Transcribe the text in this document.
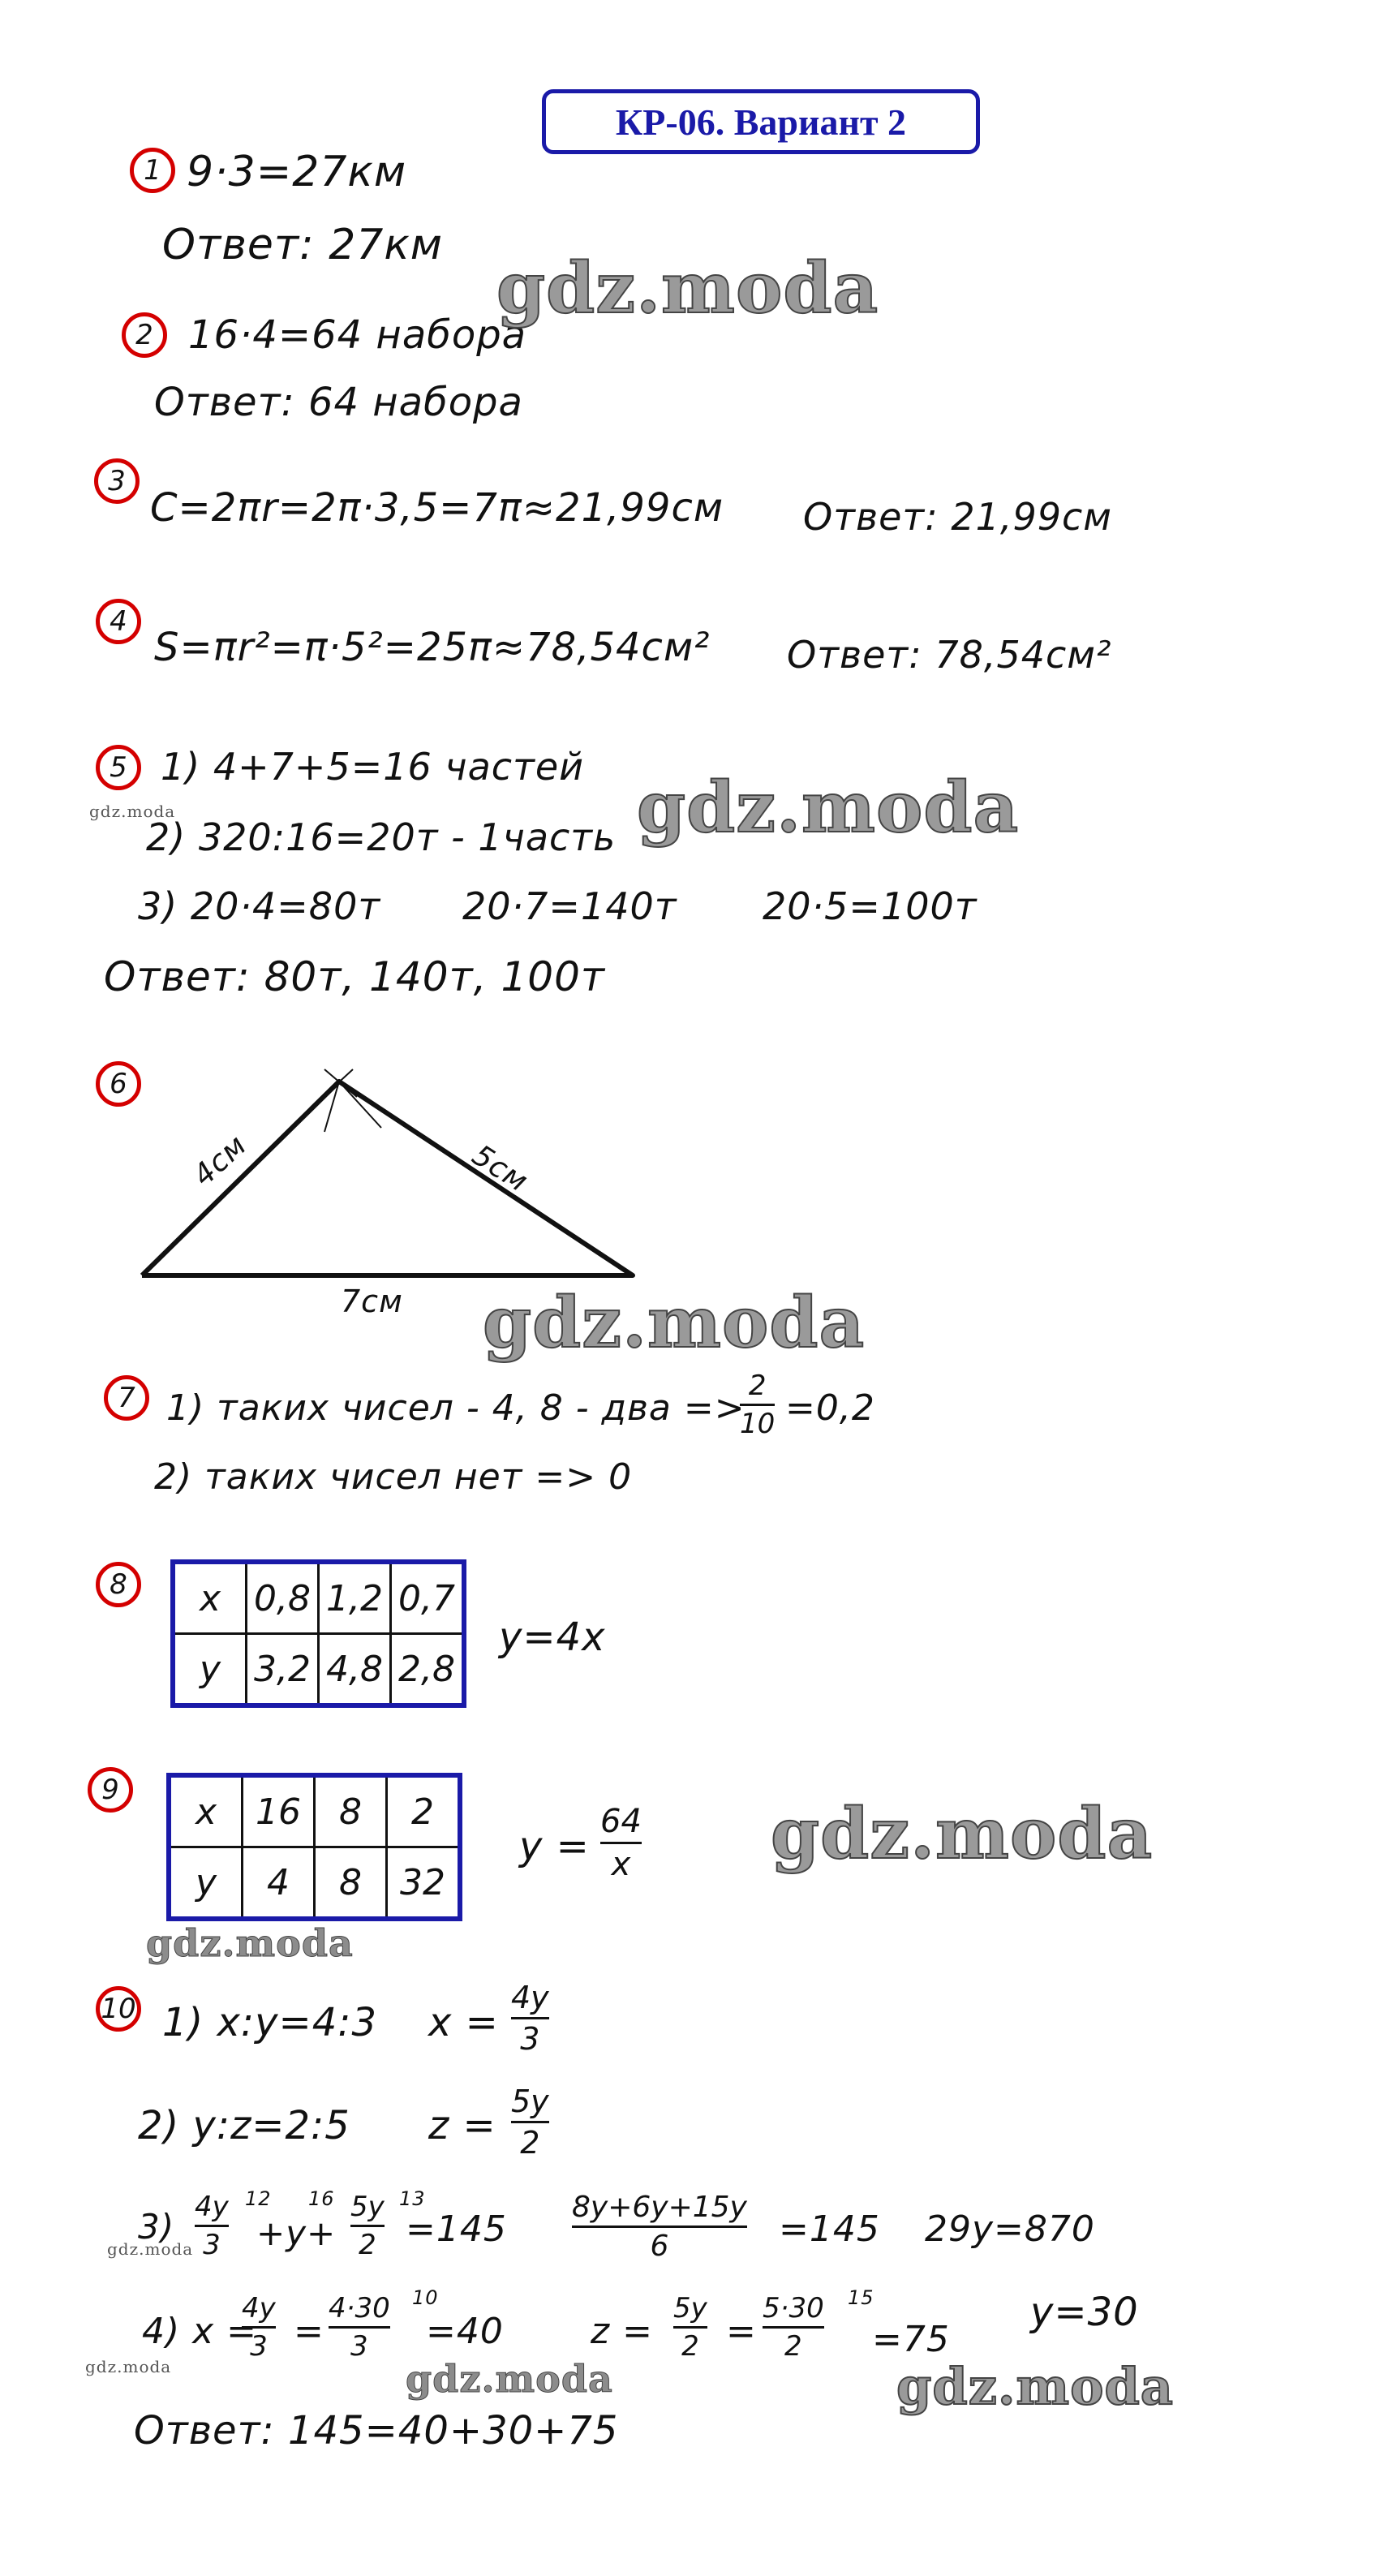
КР-06. Вариант 2
1 9·3=27км
Ответ: 27км
2 16·4=64 набора
Ответ: 64 набора
3
C=2πr=2π·3,5=7π≈21,99см Ответ: 21,99см
4
S=πr²=π·5²=25π≈78,54см² Ответ: 78,54см²
5 1) 4+7+5=16 частей
2) 320:16=20т - 1часть
3) 20·4=80т 20·7=140т 20·5=100т
Ответ: 80т, 140т, 100т
6
4см	5см
7см
7 1) таких чисел - 4, 8 - два =>
2
10 =0,2
2) таких чисел нет => 0
8	x	0,8	1,2	0,7
y	3,2	4,8	2,8
y=4x
9
x	16	8	2
y	4	8	32
y =
64
x
10 1) x:y=4:3 x =
4y
3
2) y:z=2:5 z =
5y
2
3) 4y
3
12
+y+
16 5y
2
13
=145
8y+6y+15y
6	=145 29y=870
4) x =
4y
3 =
4·30
3
10
=40 z =
5y
2 =
5·30
2
15
=75
y=30
Ответ: 145=40+30+75
gdz.moda
gdz.moda
gdz.moda
gdz.moda
gdz.moda
gdz.moda	gdz.moda
gdz.moda
gdz.moda
gdz.moda
